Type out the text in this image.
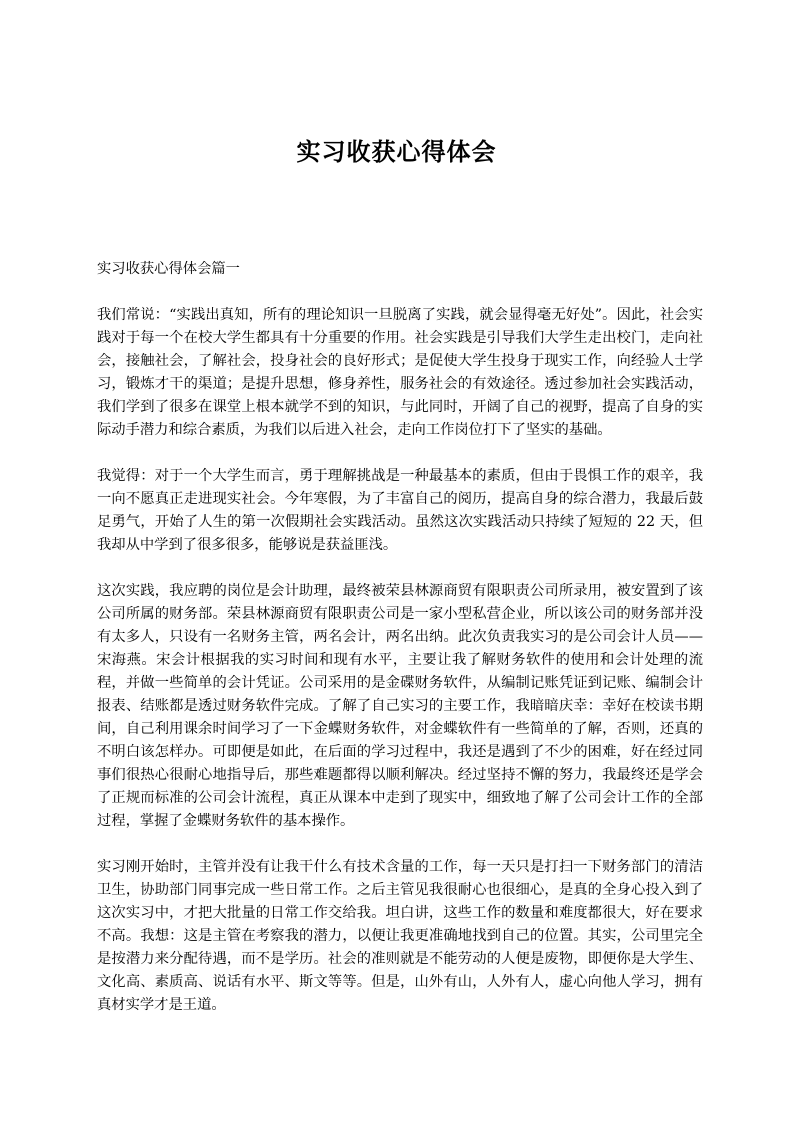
实习收获心得体会

实习收获心得体会篇一

我们常说：“实践出真知，所有的理论知识一旦脱离了实践，就会显得毫无好处”。因此，社会实践对于每一个在校大学生都具有十分重要的作用。社会实践是引导我们大学生走出校门，走向社会，接触社会，了解社会，投身社会的良好形式；是促使大学生投身于现实工作，向经验人士学习，锻炼才干的渠道；是提升思想，修身养性，服务社会的有效途径。透过参加社会实践活动，我们学到了很多在课堂上根本就学不到的知识，与此同时，开阔了自己的视野，提高了自身的实际动手潜力和综合素质，为我们以后进入社会，走向工作岗位打下了坚实的基础。

我觉得：对于一个大学生而言，勇于理解挑战是一种最基本的素质，但由于畏惧工作的艰辛，我一向不愿真正走进现实社会。今年寒假，为了丰富自己的阅历，提高自身的综合潜力，我最后鼓足勇气，开始了人生的第一次假期社会实践活动。虽然这次实践活动只持续了短短的 22 天，但我却从中学到了很多很多，能够说是获益匪浅。

这次实践，我应聘的岗位是会计助理，最终被荣县林源商贸有限职责公司所录用，被安置到了该公司所属的财务部。荣县林源商贸有限职责公司是一家小型私营企业，所以该公司的财务部并没有太多人，只设有一名财务主管，两名会计，两名出纳。此次负责我实习的是公司会计人员——宋海燕。宋会计根据我的实习时间和现有水平，主要让我了解财务软件的使用和会计处理的流程，并做一些简单的会计凭证。公司采用的是金碟财务软件，从编制记账凭证到记账、编制会计报表、结账都是透过财务软件完成。了解了自己实习的主要工作，我暗暗庆幸：幸好在校读书期间，自己利用课余时间学习了一下金蝶财务软件，对金蝶软件有一些简单的了解，否则，还真的不明白该怎样办。可即便是如此，在后面的学习过程中，我还是遇到了不少的困难，好在经过同事们很热心很耐心地指导后，那些难题都得以顺利解决。经过坚持不懈的努力，我最终还是学会了正规而标准的公司会计流程，真正从课本中走到了现实中，细致地了解了公司会计工作的全部过程，掌握了金蝶财务软件的基本操作。

实习刚开始时，主管并没有让我干什么有技术含量的工作，每一天只是打扫一下财务部门的清洁卫生，协助部门同事完成一些日常工作。之后主管见我很耐心也很细心，是真的全身心投入到了这次实习中，才把大批量的日常工作交给我。坦白讲，这些工作的数量和难度都很大，好在要求不高。我想：这是主管在考察我的潜力，以便让我更准确地找到自己的位置。其实，公司里完全是按潜力来分配待遇，而不是学历。社会的准则就是不能劳动的人便是废物，即便你是大学生、文化高、素质高、说话有水平、斯文等等。但是，山外有山，人外有人，虚心向他人学习，拥有真材实学才是王道。
